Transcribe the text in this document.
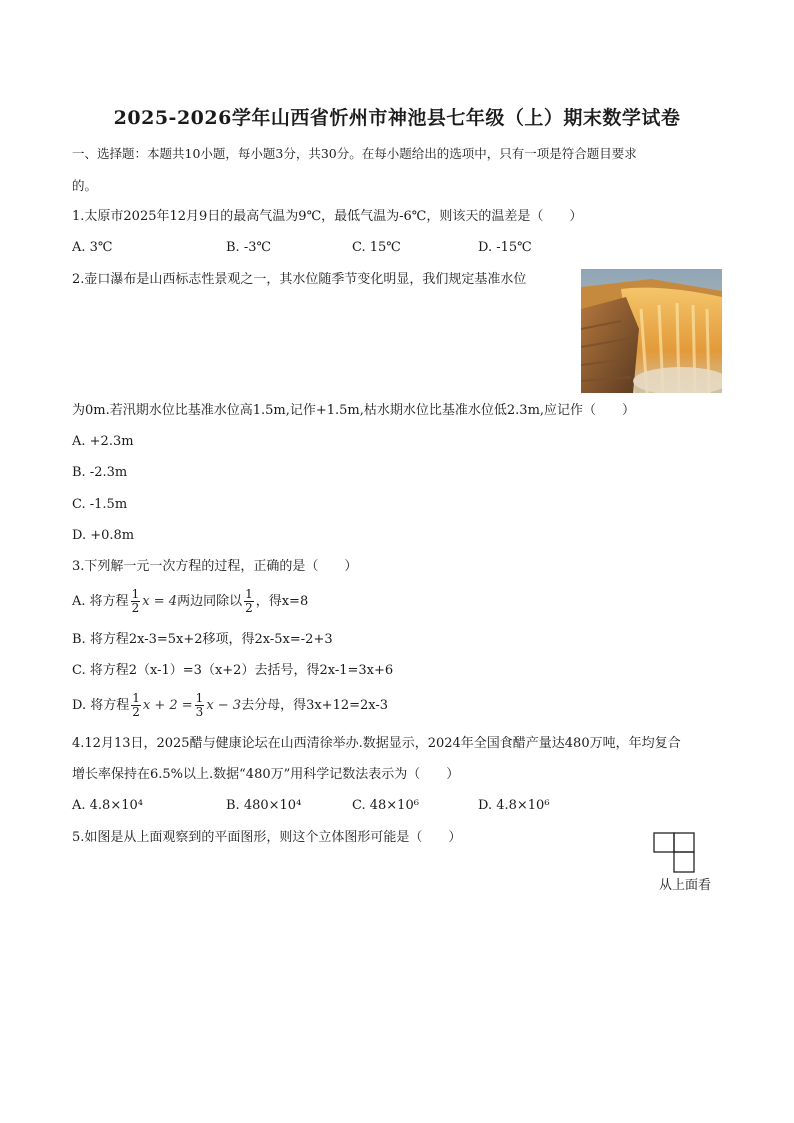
2025-2026学年山西省忻州市神池县七年级（上）期末数学试卷
一、选择题：本题共10小题，每小题3分，共30分。在每小题给出的选项中，只有一项是符合题目要求
的。
1.太原市2025年12月9日的最高气温为9℃，最低气温为-6℃，则该天的温差是（　　）
A. 3℃	B. -3℃	C. 15℃	D. -15℃
2.壶口瀑布是山西标志性景观之一，其水位随季节变化明显，我们规定基准水位
为0m.若汛期水位比基准水位高1.5m,记作+1.5m,枯水期水位比基准水位低2.3m,应记作（　　）
A. +2.3m
B. -2.3m
C. -1.5m
D. +0.8m
3.下列解一元一次方程的过程，正确的是（　　）
A. 将方程 $\frac{1}{2}$ x = 4两边同除以 $\frac{1}{2}$ ，得x=8
B. 将方程2x-3=5x+2移项，得2x-5x=-2+3
C. 将方程2（x-1）=3（x+2）去括号，得2x-1=3x+6
D. 将方程 $\frac{1}{2}$ $x + 2 = \frac{1}{3}$ x − 3去分母，得3x+12=2x-3
4.12月13日，2025醋与健康论坛在山西清徐举办.数据显示，2024年全国食醋产量达480万吨，年均复合
增长率保持在6.5%以上.数据“480万”用科学记数法表示为（　　）
A. 4.8×10⁴	B. 480×10⁴	C. 48×10⁶	D. 4.8×10⁶
5.如图是从上面观察到的平面图形，则这个立体图形可能是（　　）
从上面看
